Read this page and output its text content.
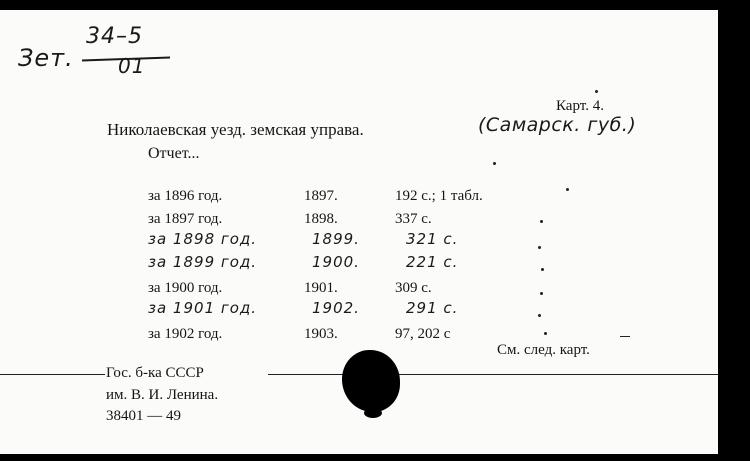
Зет.
34–5
01
Карт. 4.
Николаевская уезд. земская управа.	(Самарск. губ.)
Отчет...
за 1896 год.	1897.	192 с.; 1 табл.
за 1897 год.	1898.	337 с.
за 1898 год.	1899.	321 с.
за 1899 год.	1900.	221 с.
за 1900 год.	1901.	309 с.
за 1901 год.	1902.	291 с.
за 1902 год.	1903.	97, 202 с
См. след. карт.
Гос. б-ка СССР
им. В. И. Ленина.
38401 — 49
